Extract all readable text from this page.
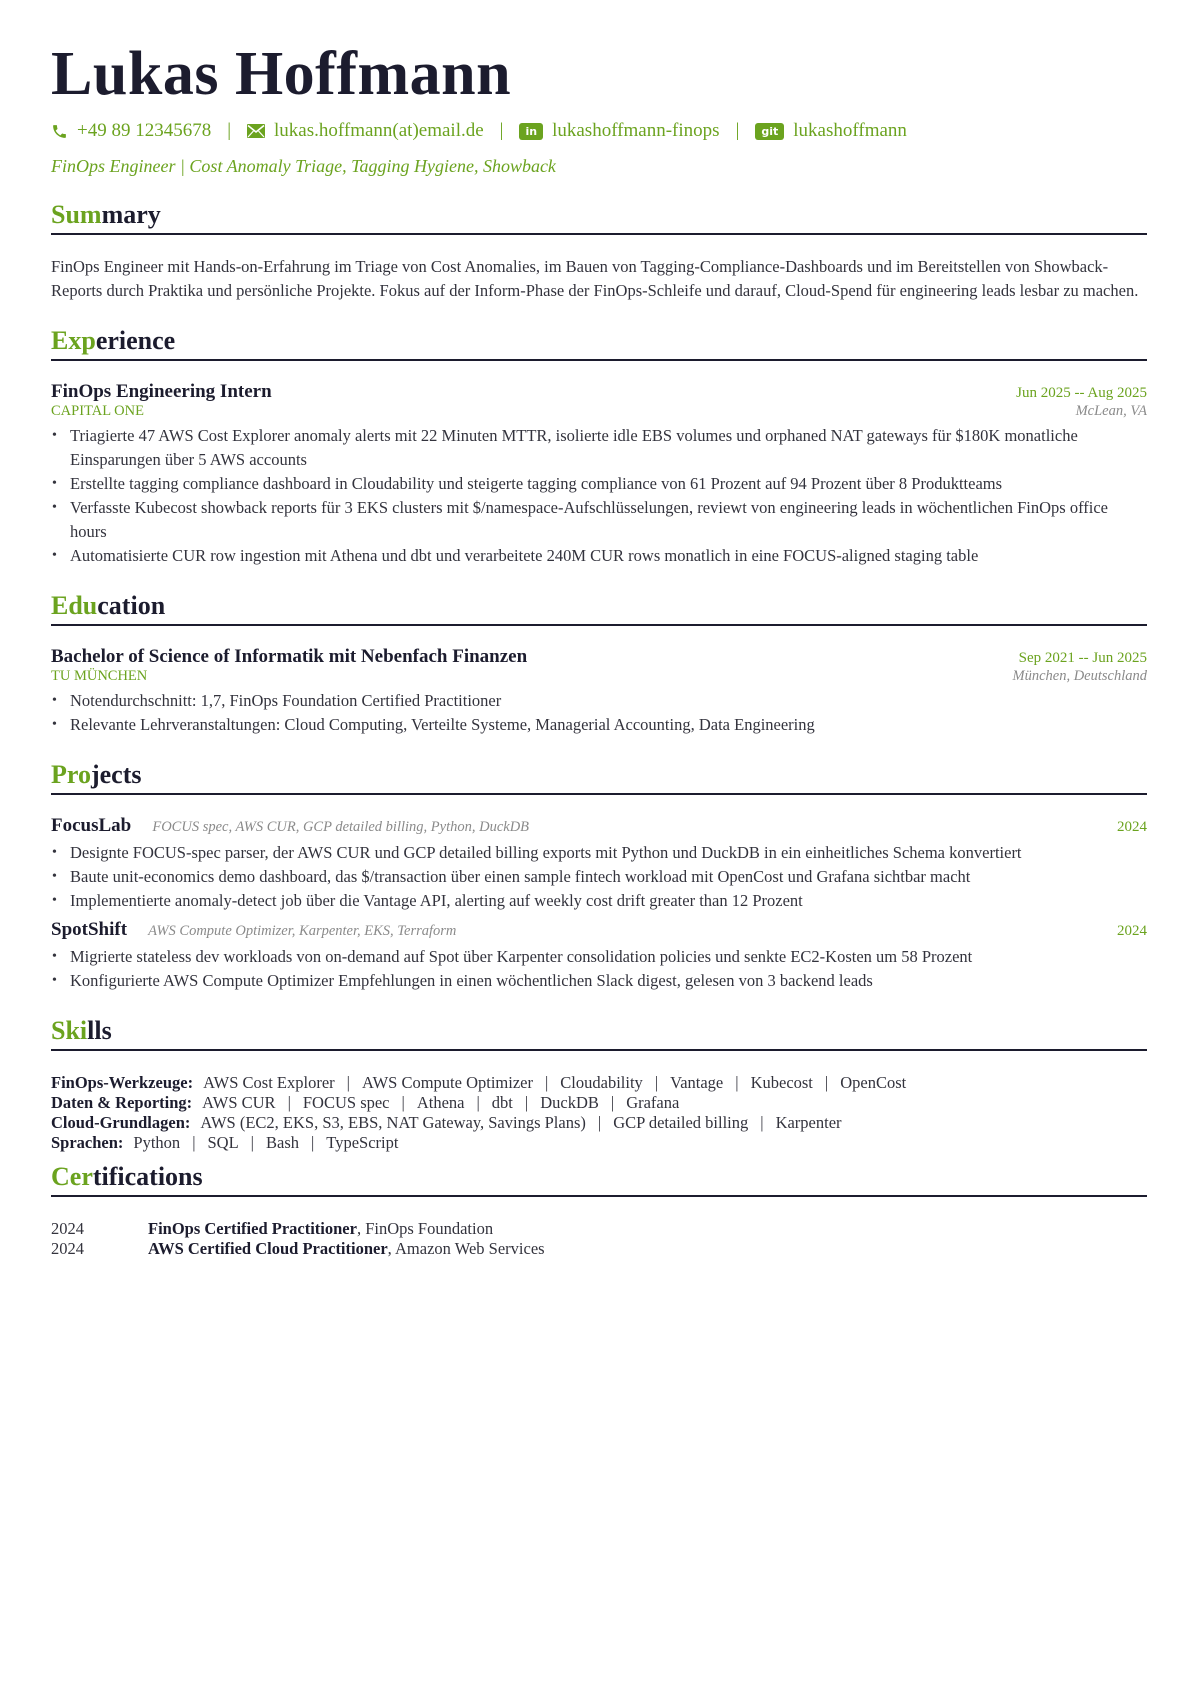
Lukas Hoffmann
+49 89 12345678 | lukas.hoffmann(at)email.de |	in lukashoffmann-finops |	git lukashoffmann
FinOps Engineer | Cost Anomaly Triage, Tagging Hygiene, Showback
Summary

FinOps Engineer mit Hands-on-Erfahrung im Triage von Cost Anomalies, im Bauen von Tagging-Compliance-Dashboards und im Bereitstellen von Showback-Reports durch Praktika und persönliche Projekte. Fokus auf der Inform-Phase der FinOps-Schleife und darauf, Cloud-Spend für engineering leads lesbar zu machen.

Experience
FinOps Engineering Intern	Jun 2025 -- Aug 2025
CAPITAL ONE	McLean, VA
• Triagierte 47 AWS Cost Explorer anomaly alerts mit 22 Minuten MTTR, isolierte idle EBS volumes und orphaned NAT gateways für $180K monatliche Einsparungen über 5 AWS accounts
• Erstellte tagging compliance dashboard in Cloudability und steigerte tagging compliance von 61 Prozent auf 94 Prozent über 8 Produktteams
• Verfasste Kubecost showback reports für 3 EKS clusters mit $/namespace-Aufschlüsselungen, reviewt von engineering leads in wöchentlichen FinOps office hours
• Automatisierte CUR row ingestion mit Athena und dbt und verarbeitete 240M CUR rows monatlich in eine FOCUS-aligned staging table
Education
Bachelor of Science of Informatik mit Nebenfach Finanzen	Sep 2021 -- Jun 2025
TU MÜNCHEN	München, Deutschland
• Notendurchschnitt: 1,7, FinOps Foundation Certified Practitioner
• Relevante Lehrveranstaltungen: Cloud Computing, Verteilte Systeme, Managerial Accounting, Data Engineering
Projects
FocusLab FOCUS spec, AWS CUR, GCP detailed billing, Python, DuckDB	2024
• Designte FOCUS-spec parser, der AWS CUR und GCP detailed billing exports mit Python und DuckDB in ein einheitliches Schema konvertiert
• Baute unit-economics demo dashboard, das $/transaction über einen sample fintech workload mit OpenCost und Grafana sichtbar macht
• Implementierte anomaly-detect job über die Vantage API, alerting auf weekly cost drift greater than 12 Prozent
SpotShift AWS Compute Optimizer, Karpenter, EKS, Terraform	2024
• Migrierte stateless dev workloads von on-demand auf Spot über Karpenter consolidation policies und senkte EC2-Kosten um 58 Prozent
• Konfigurierte AWS Compute Optimizer Empfehlungen in einen wöchentlichen Slack digest, gelesen von 3 backend leads
Skills
FinOps-Werkzeuge: AWS Cost Explorer | AWS Compute Optimizer | Cloudability | Vantage | Kubecost | OpenCost
Daten & Reporting: AWS CUR | FOCUS spec | Athena | dbt | DuckDB | Grafana
Cloud-Grundlagen: AWS (EC2, EKS, S3, EBS, NAT Gateway, Savings Plans) | GCP detailed billing | Karpenter
Sprachen: Python | SQL | Bash | TypeScript
Certifications
2024	FinOps Certified Practitioner, FinOps Foundation
2024	AWS Certified Cloud Practitioner, Amazon Web Services
